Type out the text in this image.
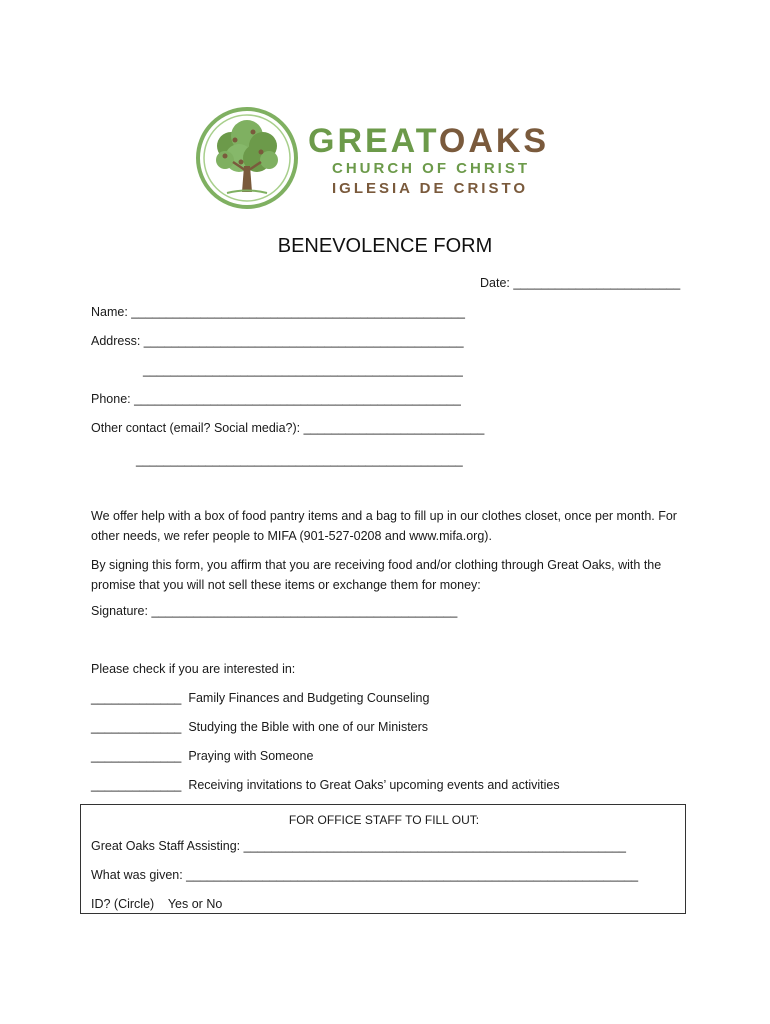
GREATOAKS
CHURCH OF CHRIST
IGLESIA DE CRISTO
BENEVOLENCE FORM
Date: ________________________
Name: ________________________________________________
Address: ______________________________________________
______________________________________________
Phone: _______________________________________________
Other contact (email? Social media?): __________________________
_______________________________________________
We offer help with a box of food pantry items and a bag to fill up in our clothes closet, once per month. For other needs, we refer people to MIFA (901-527-0208 and www.mifa.org).
By signing this form, you affirm that you are receiving food and/or clothing through Great Oaks, with the promise that you will not sell these items or exchange them for money:
Signature: ____________________________________________
Please check if you are interested in:
_____________ Family Finances and Budgeting Counseling
_____________ Studying the Bible with one of our Ministers
_____________ Praying with Someone
_____________ Receiving invitations to Great Oaks’ upcoming events and activities
FOR OFFICE STAFF TO FILL OUT:
Great Oaks Staff Assisting: _______________________________________________________
What was given: _________________________________________________________________
ID? (Circle)    Yes or No
